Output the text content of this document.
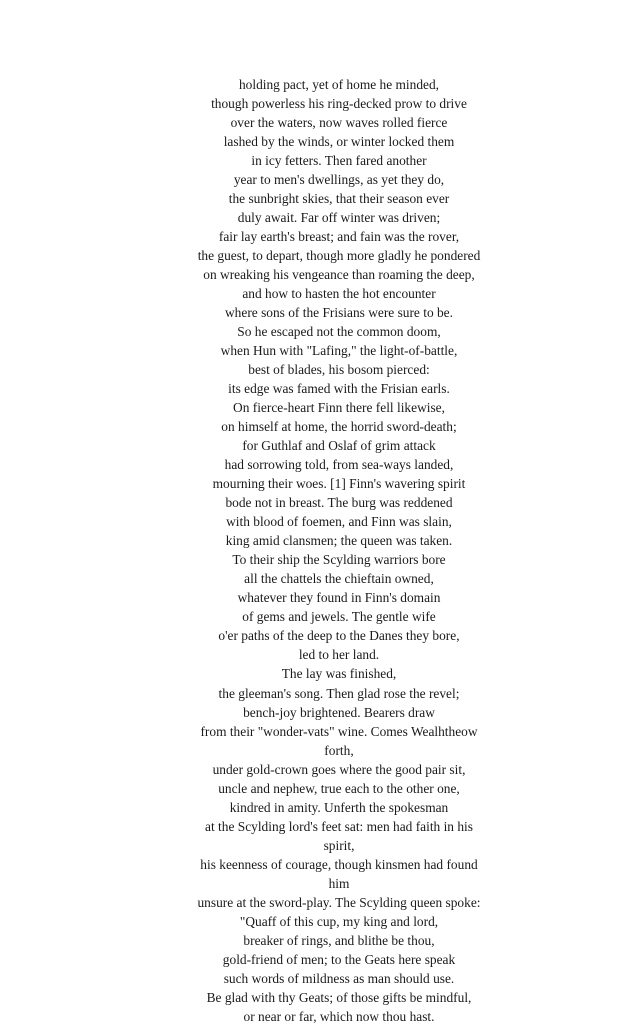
holding pact, yet of home he minded,
though powerless his ring-decked prow to drive
over the waters, now waves rolled fierce
lashed by the winds, or winter locked them
in icy fetters. Then fared another
year to men's dwellings, as yet they do,
the sunbright skies, that their season ever
duly await. Far off winter was driven;
fair lay earth's breast; and fain was the rover,
the guest, to depart, though more gladly he pondered
on wreaking his vengeance than roaming the deep,
and how to hasten the hot encounter
where sons of the Frisians were sure to be.
So he escaped not the common doom,
when Hun with "Lafing," the light-of-battle,
best of blades, his bosom pierced:
its edge was famed with the Frisian earls.
On fierce-heart Finn there fell likewise,
on himself at home, the horrid sword-death;
for Guthlaf and Oslaf of grim attack
had sorrowing told, from sea-ways landed,
mourning their woes. [1] Finn's wavering spirit
bode not in breast. The burg was reddened
with blood of foemen, and Finn was slain,
king amid clansmen; the queen was taken.
To their ship the Scylding warriors bore
all the chattels the chieftain owned,
whatever they found in Finn's domain
of gems and jewels. The gentle wife
o'er paths of the deep to the Danes they bore,
led to her land.
The lay was finished,
the gleeman's song. Then glad rose the revel;
bench-joy brightened. Bearers draw
from their "wonder-vats" wine. Comes Wealhtheow
forth,
under gold-crown goes where the good pair sit,
uncle and nephew, true each to the other one,
kindred in amity. Unferth the spokesman
at the Scylding lord's feet sat: men had faith in his
spirit,
his keenness of courage, though kinsmen had found
him
unsure at the sword-play. The Scylding queen spoke:
"Quaff of this cup, my king and lord,
breaker of rings, and blithe be thou,
gold-friend of men; to the Geats here speak
such words of mildness as man should use.
Be glad with thy Geats; of those gifts be mindful,
or near or far, which now thou hast.
